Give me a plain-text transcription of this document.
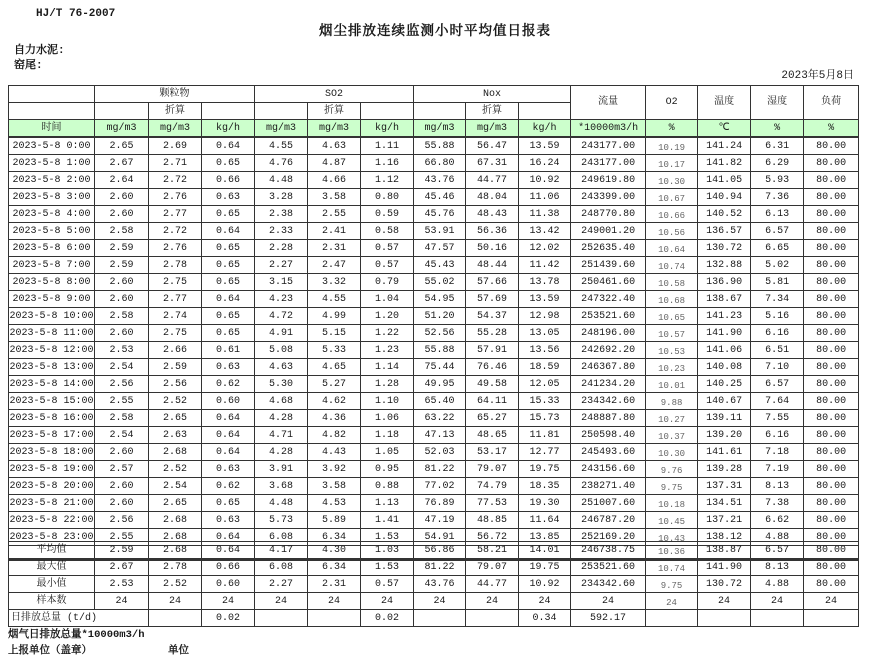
HJ/T 76-2007
烟尘排放连续监测小时平均值日报表
自力水泥:
窑尾:
2023年5月8日
	颗粒物			SO2			Nox			流量	O2	温度	湿度	负荷
		折算			折算			折算						
时间	mg/m3	mg/m3	kg/h	mg/m3	mg/m3	kg/h	mg/m3	mg/m3	kg/h	*10000m3/h	%	℃	%	%
2023-5-8 0:00	2.65	2.69	0.64	4.55	4.63	1.11	55.88	56.47	13.59	243177.00	10.19	141.24	6.31	80.00
2023-5-8 1:00	2.67	2.71	0.65	4.76	4.87	1.16	66.80	67.31	16.24	243177.00	10.17	141.82	6.29	80.00
2023-5-8 2:00	2.64	2.72	0.66	4.48	4.66	1.12	43.76	44.77	10.92	249619.80	10.30	141.05	5.93	80.00
2023-5-8 3:00	2.60	2.76	0.63	3.28	3.58	0.80	45.46	48.04	11.06	243399.00	10.67	140.94	7.36	80.00
2023-5-8 4:00	2.60	2.77	0.65	2.38	2.55	0.59	45.76	48.43	11.38	248770.80	10.66	140.52	6.13	80.00
2023-5-8 5:00	2.58	2.72	0.64	2.33	2.41	0.58	53.91	56.36	13.42	249001.20	10.56	136.57	6.57	80.00
2023-5-8 6:00	2.59	2.76	0.65	2.28	2.31	0.57	47.57	50.16	12.02	252635.40	10.64	130.72	6.65	80.00
2023-5-8 7:00	2.59	2.78	0.65	2.27	2.47	0.57	45.43	48.44	11.42	251439.60	10.74	132.88	5.02	80.00
2023-5-8 8:00	2.60	2.75	0.65	3.15	3.32	0.79	55.02	57.66	13.78	250461.60	10.58	136.90	5.81	80.00
2023-5-8 9:00	2.60	2.77	0.64	4.23	4.55	1.04	54.95	57.69	13.59	247322.40	10.68	138.67	7.34	80.00
2023-5-8 10:00	2.58	2.74	0.65	4.72	4.99	1.20	51.20	54.37	12.98	253521.60	10.65	141.23	5.16	80.00
2023-5-8 11:00	2.60	2.75	0.65	4.91	5.15	1.22	52.56	55.28	13.05	248196.00	10.57	141.90	6.16	80.00
2023-5-8 12:00	2.53	2.66	0.61	5.08	5.33	1.23	55.88	57.91	13.56	242692.20	10.53	141.06	6.51	80.00
2023-5-8 13:00	2.54	2.59	0.63	4.63	4.65	1.14	75.44	76.46	18.59	246367.80	10.23	140.08	7.10	80.00
2023-5-8 14:00	2.56	2.56	0.62	5.30	5.27	1.28	49.95	49.58	12.05	241234.20	10.01	140.25	6.57	80.00
2023-5-8 15:00	2.55	2.52	0.60	4.68	4.62	1.10	65.40	64.11	15.33	234342.60	9.88	140.67	7.64	80.00
2023-5-8 16:00	2.58	2.65	0.64	4.28	4.36	1.06	63.22	65.27	15.73	248887.80	10.27	139.11	7.55	80.00
2023-5-8 17:00	2.54	2.63	0.64	4.71	4.82	1.18	47.13	48.65	11.81	250598.40	10.37	139.20	6.16	80.00
2023-5-8 18:00	2.60	2.68	0.64	4.28	4.43	1.05	52.03	53.17	12.77	245493.60	10.30	141.61	7.18	80.00
2023-5-8 19:00	2.57	2.52	0.63	3.91	3.92	0.95	81.22	79.07	19.75	243156.60	9.76	139.28	7.19	80.00
2023-5-8 20:00	2.60	2.54	0.62	3.68	3.58	0.88	77.02	74.79	18.35	238271.40	9.75	137.31	8.13	80.00
2023-5-8 21:00	2.60	2.65	0.65	4.48	4.53	1.13	76.89	77.53	19.30	251007.60	10.18	134.51	7.38	80.00
2023-5-8 22:00	2.56	2.68	0.63	5.73	5.89	1.41	47.19	48.85	11.64	246787.20	10.45	137.21	6.62	80.00
2023-5-8 23:00	2.55	2.68	0.64	6.08	6.34	1.53	54.91	56.72	13.85	252169.20	10.43	138.12	4.88	80.00

平均值	2.59	2.68	0.64	4.17	4.30	1.03	56.86	58.21	14.01	246738.75	10.36	138.87	6.57	80.00
最大值	2.67	2.78	0.66	6.08	6.34	1.53	81.22	79.07	19.75	253521.60	10.74	141.90	8.13	80.00
最小值	2.53	2.52	0.60	2.27	2.31	0.57	43.76	44.77	10.92	234342.60	9.75	130.72	4.88	80.00
样本数	24	24	24	24	24	24	24	24	24	24	24	24	24	24
日排放总量 (t/d)			0.02			0.02			0.34	592.17				
烟气日排放总量*10000m3/h
上报单位（盖章）	单位
